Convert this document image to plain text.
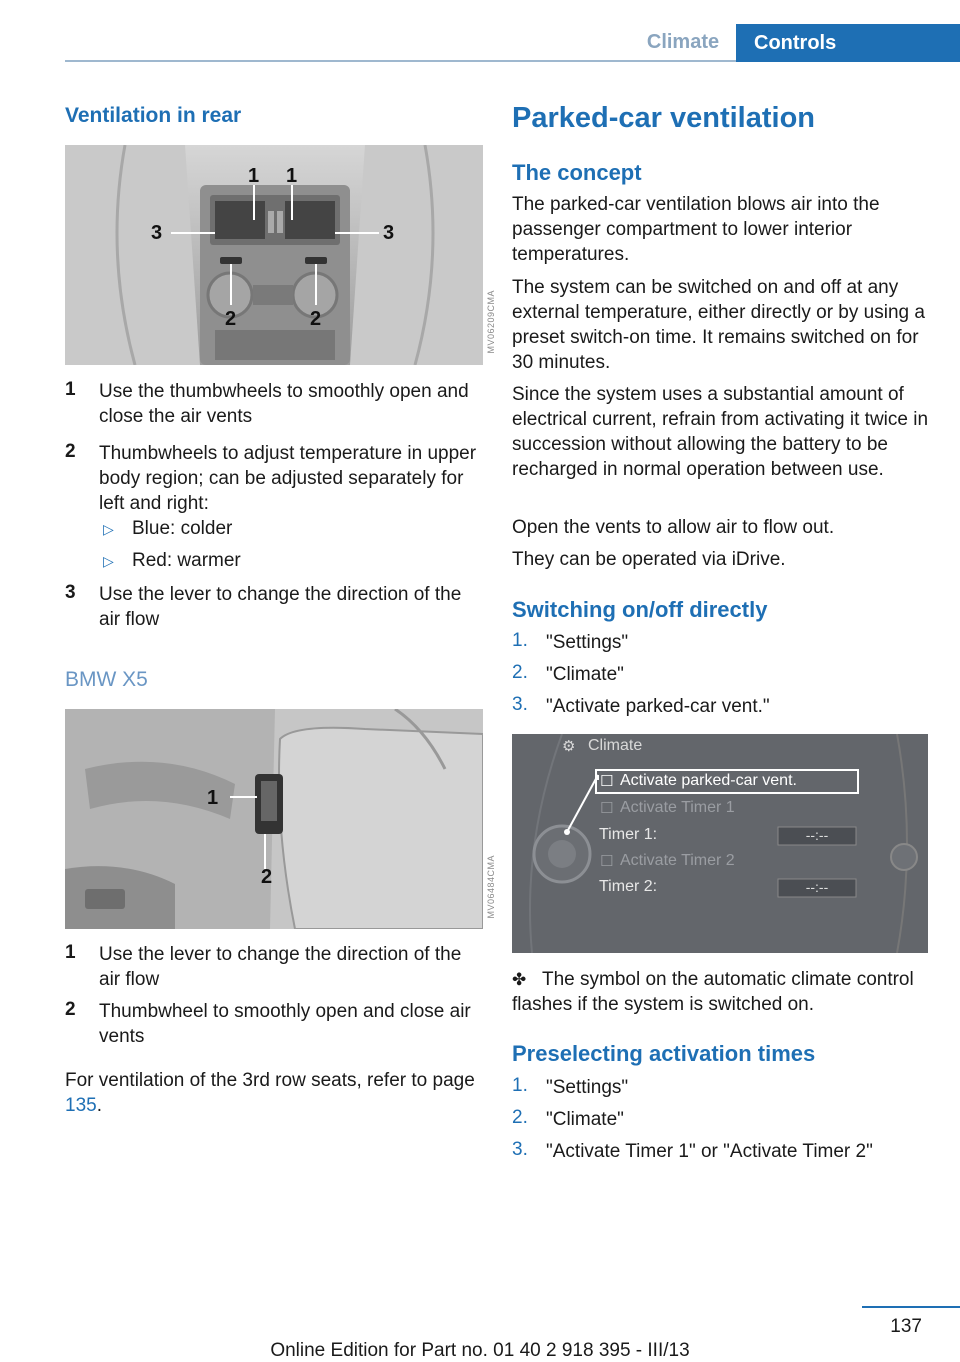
Climate	Controls
Ventilation in rear
1 1
3	3
2	2	MV06209CMA
1 Use the thumbwheels to smoothly open and close the air vents
2 Thumbwheels to adjust temperature in upper body region; can be adjusted separately for left and right:
▷ Blue: colder
▷ Red: warmer
3 Use the lever to change the direction of the air flow
BMW X5
1
2	MV06484CMA
1 Use the lever to change the direction of the air flow
2 Thumbwheel to smoothly open and close air vents
For ventilation of the 3rd row seats, refer to page 135.
Parked-car ventilation
The concept
The parked-car ventilation blows air into the passenger compartment to lower interior temperatures.
The system can be switched on and off at any external temperature, either directly or by using a preset switch-on time. It remains switched on for 30 minutes.
Since the system uses a substantial amount of electrical current, refrain from activating it twice in succession without allowing the battery to be recharged in normal operation between use.
Open the vents to allow air to flow out.
They can be operated via iDrive.
Switching on/off directly
1. "Settings"
2. "Climate"
3. "Activate parked-car vent."
⚙ Climate
☐ Activate parked-car vent.
☐ Activate Timer 1
Timer 1:	--:--
☐ Activate Timer 2
Timer 2:	--:--
✤ The symbol on the automatic climate control flashes if the system is switched on.
Preselecting activation times
1. "Settings"
2. "Climate"
3. "Activate Timer 1" or "Activate Timer 2"
137
Online Edition for Part no. 01 40 2 918 395 - III/13
